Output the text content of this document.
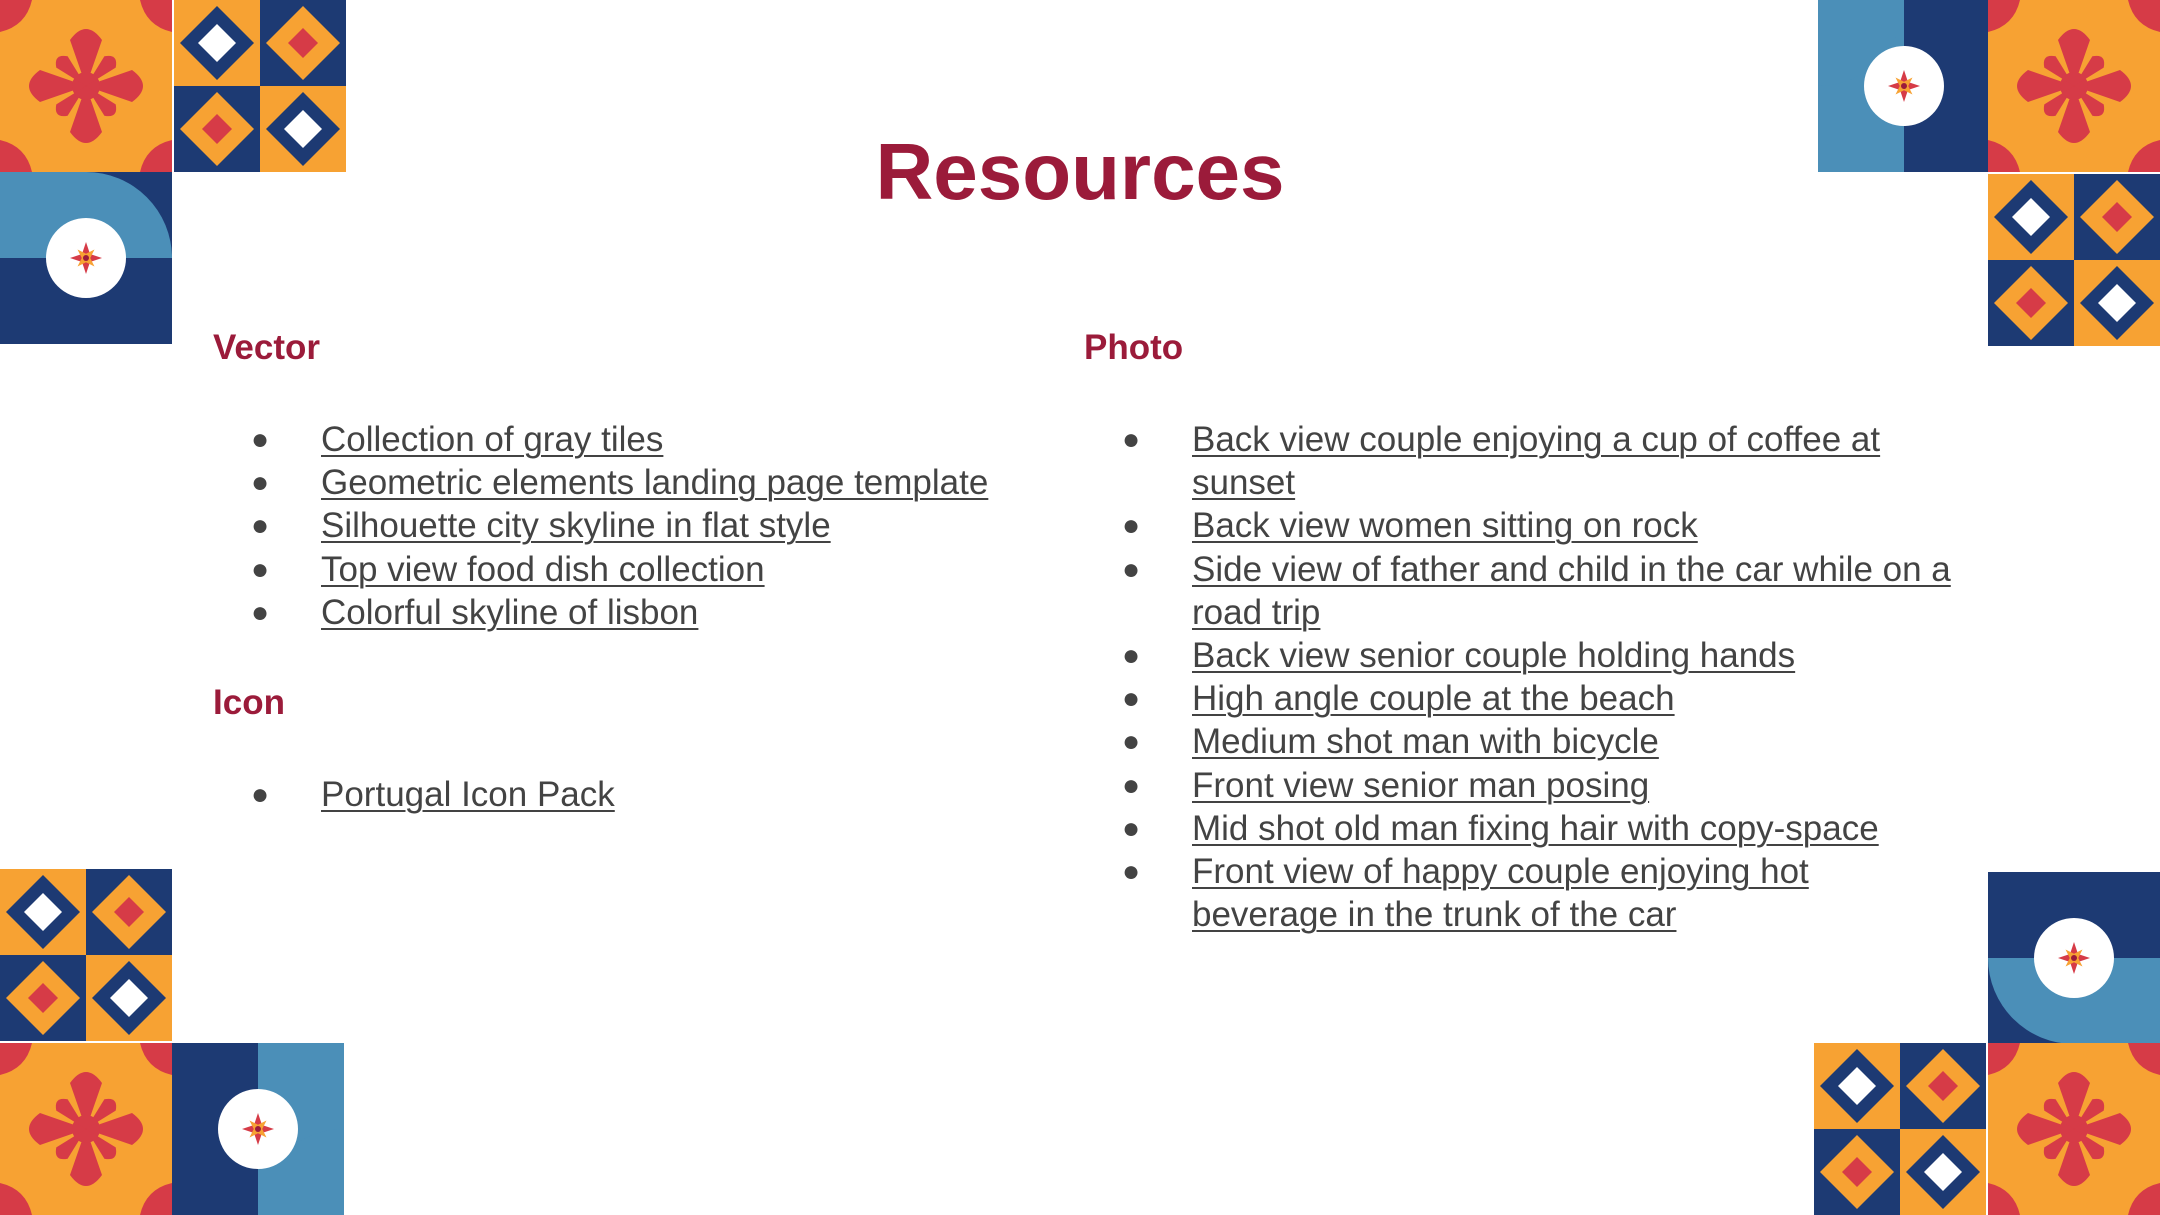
Resources
Vector
● Collection of gray tiles
● Geometric elements landing page template
● Silhouette city skyline in flat style
● Top view food dish collection
● Colorful skyline of lisbon
Icon
● Portugal Icon Pack
Photo
● Back view couple enjoying a cup of coffee at sunset
● Back view women sitting on rock
● Side view of father and child in the car while on a road trip
● Back view senior couple holding hands
● High angle couple at the beach
● Medium shot man with bicycle
● Front view senior man posing
● Mid shot old man fixing hair with copy-space
● Front view of happy couple enjoying hot beverage in the trunk of the car
